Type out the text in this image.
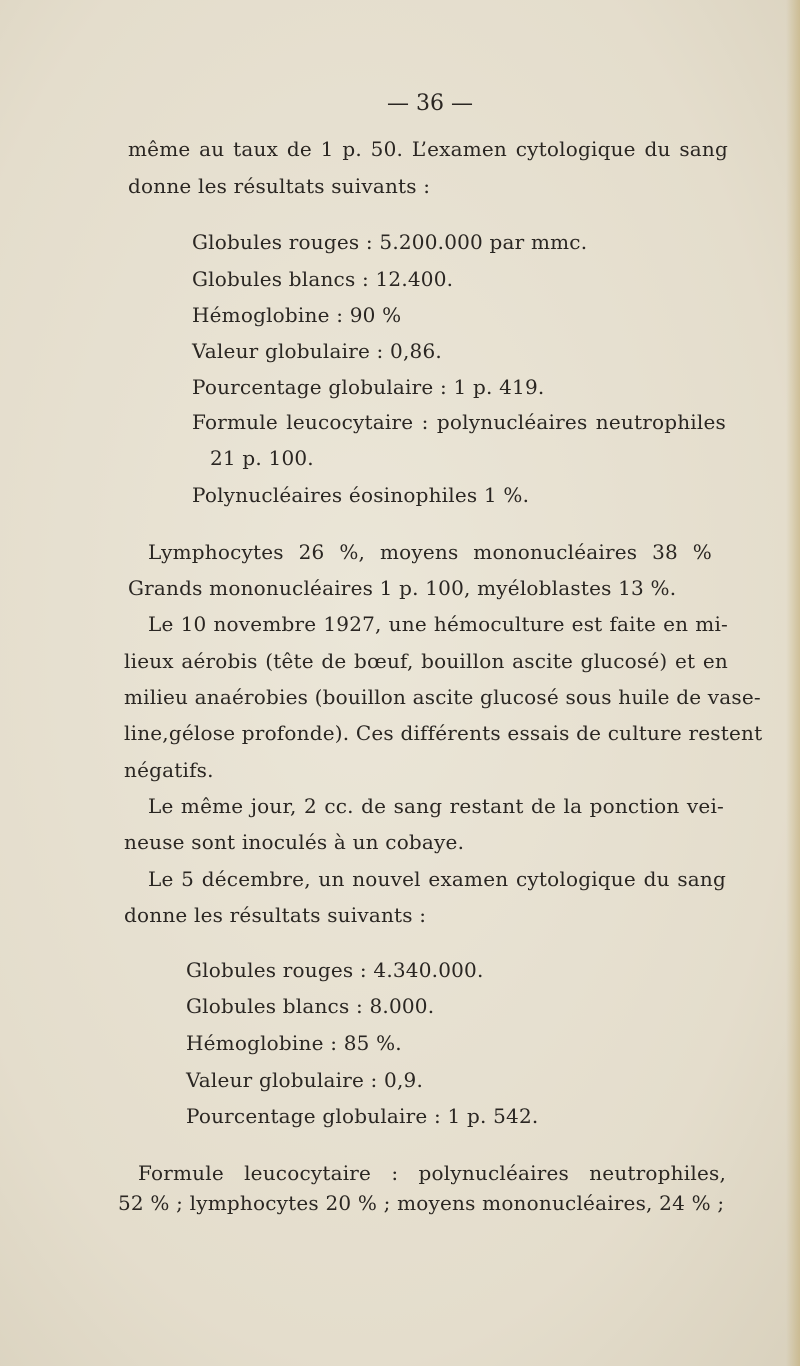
— 36 —
même au taux de 1 p. 50. L’examen cytologique du sang
donne les résultats suivants :
Globules rouges : 5.200.000 par mmc.
Globules blancs : 12.400.
Hémoglobine : 90 %
Valeur globulaire : 0,86.
Pourcentage globulaire : 1 p. 419.
Formule leucocytaire : polynucléaires neutrophiles
21 p. 100.
Polynucléaires éosinophiles 1 %.
Lymphocytes 26 %, moyens mononucléaires 38 %
Grands mononucléaires 1 p. 100, myéloblastes 13 %.
Le 10 novembre 1927, une hémoculture est faite en mi-
lieux aérobis (tête de bœuf, bouillon ascite glucosé) et en
milieu anaérobies (bouillon ascite glucosé sous huile de vase-
line,gélose profonde). Ces différents essais de culture restent
négatifs.
Le même jour, 2 cc. de sang restant de la ponction vei-
neuse sont inoculés à un cobaye.
Le 5 décembre, un nouvel examen cytologique du sang
donne les résultats suivants :
Globules rouges : 4.340.000.
Globules blancs : 8.000.
Hémoglobine : 85 %.
Valeur globulaire : 0,9.
Pourcentage globulaire : 1 p. 542.
Formule leucocytaire : polynucléaires neutrophiles,
52 % ; lymphocytes 20 % ; moyens mononucléaires, 24 % ;
